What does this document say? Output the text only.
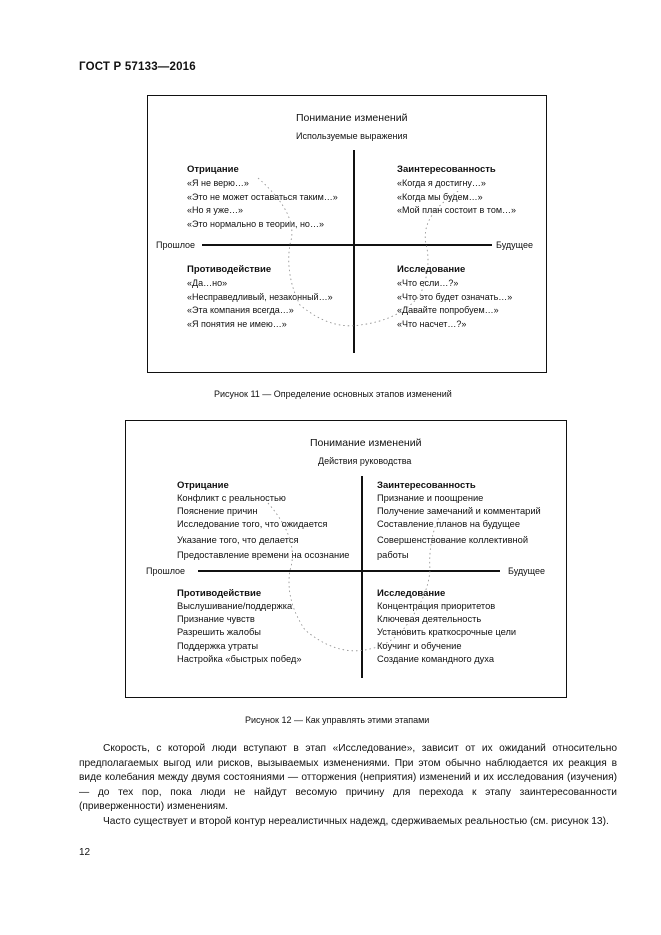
ГОСТ Р 57133—2016
Понимание изменений
Используемые выражения
Прошлое	Будущее
Отрицание
«Я не верю…»
«Это не может оставаться таким…»
«Но я уже…»
«Это нормально в теории, но…»
Заинтересованность
«Когда я достигну…»
«Когда мы будем…»
«Мой план состоит в том…»
Противодействие
«Да…но»
«Несправедливый, незаконный…»
«Эта компания всегда…»
«Я понятия не имею…»
Исследование
«Что если…?»
«Что это будет означать…»
«Давайте попробуем…»
«Что насчет…?»
Рисунок 11 — Определение основных этапов изменений
Понимание изменений
Действия руководства
Прошлое	Будущее
Отрицание
Конфликт с реальностью
Пояснение причин
Исследование того, что ожидается
Указание того, что делается
Предоставление времени на осознание
Заинтересованность
Признание и поощрение
Получение замечаний и комментарий
Составление планов на будущее
Совершенствование коллективной
работы
Противодействие
Выслушивание/поддержка
Признание чувств
Разрешить жалобы
Поддержка утраты
Настройка «быстрых побед»
Исследование
Концентрация приоритетов
Ключевая деятельность
Установить краткосрочные цели
Коучинг и обучение
Создание командного духа
Рисунок 12 — Как управлять этими этапами

Скорость, с которой люди вступают в этап «Исследование», зависит от их ожиданий относительно предполагаемых выгод или рисков, вызываемых изменениями. При этом обычно наблюдается их реакция в виде колебания между двумя состояниями — отторжения (неприятия) изменений и их исследования (изучения) — до тех пор, пока люди не найдут весомую причину для перехода к этапу заинтересованности (приверженности) изменениям.

Часто существует и второй контур нереалистичных надежд, сдерживаемых реальностью (см. рисунок 13).

12
